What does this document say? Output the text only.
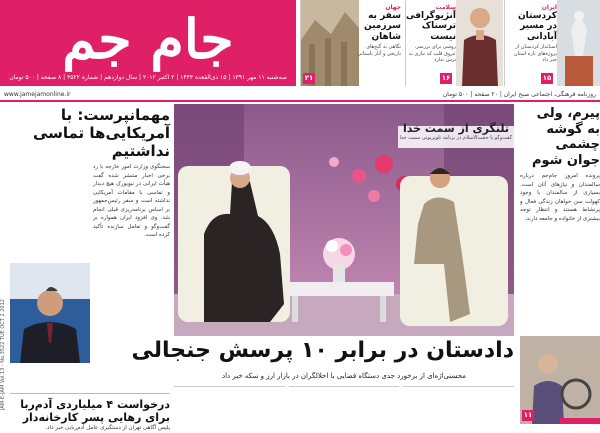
جام جم
سه‌شنبه ۱۱ مهر ۱۳۹۱ | ۱۵ ذی‌القعده ۱۴۳۳ | ۲ اکتبر ۲۰۱۲ | سال دوازدهم | شماره ۳۵۲۲ | ۸ صفحه | ۵۰۰ تومان
جهان
سفر به سرزمین شاهان
نگاهی به گنج‌های تاریخی و آثار باستانی
۲۱
سلامت
آنژیوگرافی ترسناک نیست
روشی برای بررسی عروق قلب که نیازی به ترس ندارد
۱۶
ایران
کردستان در مسیر آبادانی
استاندار کردستان از پروژه‌های تازه استان خبر داد
۱۵
روزنامه فرهنگی، اجتماعی صبح ایران | ۲۰ صفحه | ۵۰۰ تومان
www.jamejamonline.ir
JAM-E-JAM Vol.13 - No.3522 TUE OCT 2 2012
مهمانپرست: با آمریکایی‌ها تماسی نداشتیم
سخنگوی وزارت امور خارجه با رد برخی اخبار منتشر شده گفت هیأت ایرانی در نیویورک هیچ دیدار و تماسی با مقامات آمریکایی نداشته است و سفر رئیس‌جمهور بر اساس برنامه‌ریزی قبلی انجام شد. وی افزود ایران همواره بر گفت‌وگو و تعامل سازنده تأکید کرده است.
درخواست ۴ میلیاردی آدم‌ربا برای رهایی پسر کارخانه‌دار
پلیس آگاهی تهران از دستگیری عامل آدم‌ربایی خبر داد.
تلنگری از سمت خدا
گفت‌وگو با حجت‌الاسلام در برنامه تلویزیونی سمت خدا
دادستان در برابر ۱۰ پرسش جنجالی
محسنی‌اژه‌ای از برخورد جدی دستگاه قضایی با اخلالگران در بازار ارز و سکه خبر داد
پیرم، ولی به گوشه چشمی جوان شوم
پرونده امروز جام‌جم درباره سالمندان و نیازهای آنان است. بسیاری از سالمندان با وجود کهولت سن خواهان زندگی فعال و پرنشاط هستند و انتظار توجه بیشتری از خانواده و جامعه دارند.
۱۱
